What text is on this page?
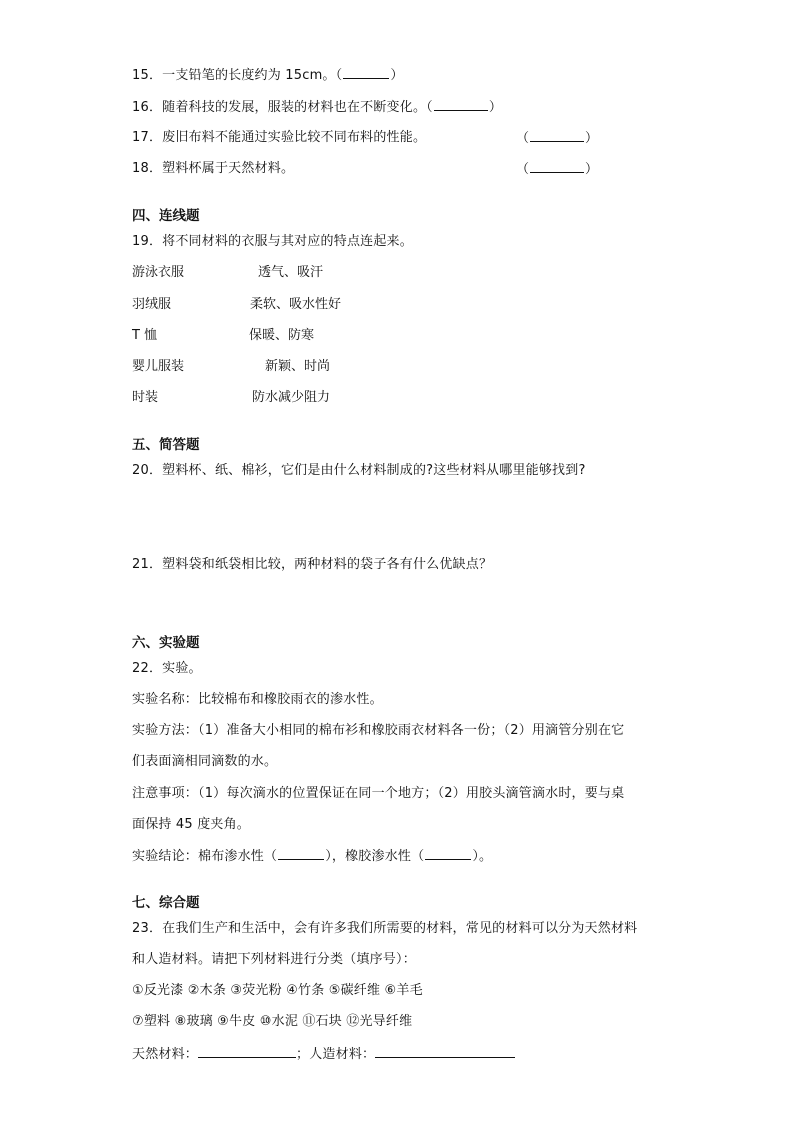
15．一支铅笔的长度约为 15cm。（	）
16．随着科技的发展，服装的材料也在不断变化。（	）
17．废旧布料不能通过实验比较不同布料的性能。	（	）
18．塑料杯属于天然材料。	（	）
四、连线题
19．将不同材料的衣服与其对应的特点连起来。
游泳衣服	透气、吸汗
羽绒服	柔软、吸水性好
T 恤	保暖、防寒
婴儿服装	新颖、时尚
时装	防水减少阻力
五、简答题
20．塑料杯、纸、棉衫，它们是由什么材料制成的?这些材料从哪里能够找到?
21．塑料袋和纸袋相比较，两种材料的袋子各有什么优缺点？
六、实验题
22．实验。
实验名称：比较棉布和橡胶雨衣的渗水性。
实验方法：（1）准备大小相同的棉布衫和橡胶雨衣材料各一份；（2）用滴管分别在它
们表面滴相同滴数的水。
注意事项：（1）每次滴水的位置保证在同一个地方；（2）用胶头滴管滴水时，要与桌
面保持 45 度夹角。
实验结论：棉布渗水性（	），橡胶渗水性（	）。
七、综合题
23．在我们生产和生活中，会有许多我们所需要的材料，常见的材料可以分为天然材料
和人造材料。请把下列材料进行分类（填序号）：
①反光漆 ②木条 ③荧光粉 ④竹条 ⑤碳纤维 ⑥羊毛
⑦塑料 ⑧玻璃 ⑨牛皮 ⑩水泥 ⑪石块 ⑫光导纤维
天然材料：	；人造材料：
